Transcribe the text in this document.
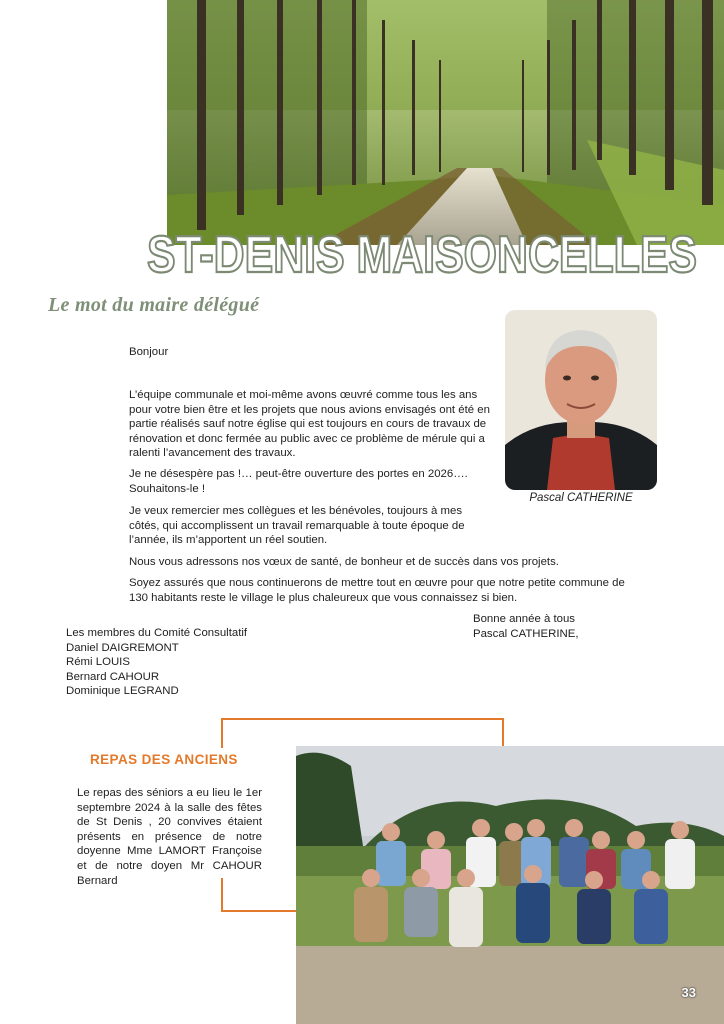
ST-DENIS MAISONCELLES
Le mot du maire délégué
Pascal CATHERINE
Bonjour
L’équipe communale et moi-même avons œuvré comme tous les ans pour votre bien être et les projets que nous avions envisagés ont été en partie réalisés sauf notre église qui est toujours en cours de travaux de rénovation et donc fermée au public avec ce problème de mérule qui a ralenti l’avancement des travaux.
Je ne désespère pas !… peut-être ouverture des portes en 2026…. Souhaitons-le !
Je veux remercier mes collègues et les bénévoles, toujours à mes côtés, qui accomplissent un travail remarquable à toute époque de l’année, ils m’apportent un réel soutien.
Nous vous adressons nos vœux de santé, de bonheur et de succès dans vos projets.
Soyez assurés que nous continuerons de mettre tout en œuvre pour que notre petite commune de 130 habitants reste le village le plus chaleureux que vous connaissez si bien.
Bonne année à tous
Pascal CATHERINE,
Les membres du Comité Consultatif
Daniel DAIGREMONT
Rémi LOUIS
Bernard CAHOUR
Dominique LEGRAND
REPAS DES ANCIENS
Le repas des séniors a eu lieu le 1er septembre 2024 à la salle des fêtes de St Denis , 20 convives étaient présents en présence de notre doyenne Mme LAMORT Françoise et de notre doyen Mr CAHOUR Bernard
33
